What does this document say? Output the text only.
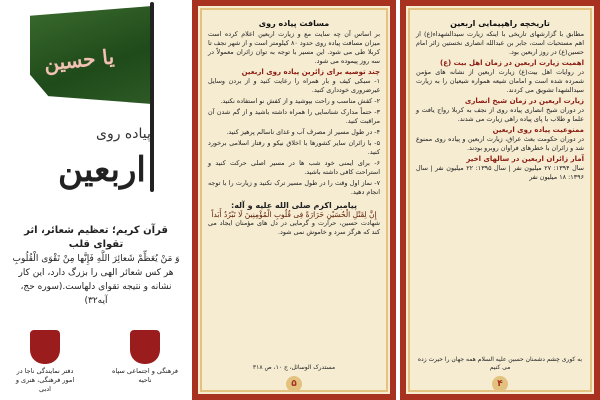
یا حسین
پیاده روی
اربعین
قرآن کریم؛ تعظیم شعائر، اثر تقوای قلب
وَ مَنْ یُعَظِّمْ شَعائِرَ اللَّهِ فَإِنَّها مِنْ تَقْوَى الْقُلُوبِ
هر کس شعائر الهی را بزرگ دارد، این کار نشانه و نتیجه تقوای دلهاست.(سوره حج، آیه۳۲)
دفتر نمایندگی ناجا در امور فرهنگی، هنری و ادبی
فرهنگی و اجتماعی سپاه ناحیه
مسافت پیاده روی

بر اساس آن چه سایت مع و زیارت اربعین اعلام کرده است میزان مسافت پیاده روی حدود ۸۰ کیلومتر است و از شهر نجف تا کربلا طی می شود. این مسیر با توجه به توان زائران معمولاً در سه روز پیموده می شود.

چند توصیه برای زائرین پیاده روی اربعین

۱- سبکی کیف و بار همراه را رعایت کنید و از بردن وسایل غیرضروری خودداری کنید.

۲- کفش مناسب و راحت بپوشید و از کفش نو استفاده نکنید.

۳- حتماً مدارک شناسایی را همراه داشته باشید و از گم شدن آن مراقبت کنید.

۴- در طول مسیر از مصرف آب و غذای ناسالم پرهیز کنید.

۵- با زائران سایر کشورها با اخلاق نیکو و رفتار اسلامی برخورد کنید.

۶- برای ایمنی خود شب ها در مسیر اصلی حرکت کنید و استراحت کافی داشته باشید.

۷- نماز اول وقت را در طول مسیر ترک نکنید و زیارت را با توجه انجام دهید.

پیامبر اکرم صلی الله علیه و آله:
إِنَّ لِقَتْلِ الْحُسَیْنِ حَرَارَةً فِی قُلُوبِ الْمُؤْمِنِینَ لَا تَبْرُدُ أَبَداً

شهادت حسین، حرارت و گرمایی در دل های مؤمنان ایجاد می کند که هرگز سرد و خاموش نمی شود.

مستدرک الوسائل، ج ۱۰، ص ۳۱۸
۵
تاریخچه راهپیمایی اربعین

مطابق با گزارشهای تاریخی با اینکه زیارت سیدالشهداء(ع) از اهم مستحبات است، جابر بن عبدالله انصاری نخستین زائر امام حسین(ع) در روز اربعین بود.

اهمیت زیارت اربعین در زمان اهل بیت (ع)

در روایات اهل بیت(ع) زیارت اربعین از نشانه های مؤمن شمرده شده است و امامان شیعه همواره شیعیان را به زیارت سیدالشهدا تشویق می کردند.

زیارت اربعین در زمان شیخ انصاری

در دوران شیخ انصاری پیاده روی از نجف به کربلا رواج یافت و علما و طلاب با پای پیاده راهی زیارت می شدند.

ممنوعیت پیاده روی اربعین

در دوران حکومت بعث عراق، زیارت اربعین و پیاده روی ممنوع شد و زائران با خطرهای فراوان روبرو بودند.

آمار زائران اربعین در سالهای اخیر

سال ۱۳۹۴: ۲۷ میلیون نفر | سال ۱۳۹۵: ۲۲ میلیون نفر | سال ۱۳۹۶: ۱۸ میلیون نفر

به کوری چشم دشمنان حسین علیه السلام همه جهان را حیرت زده می کنیم
۴
